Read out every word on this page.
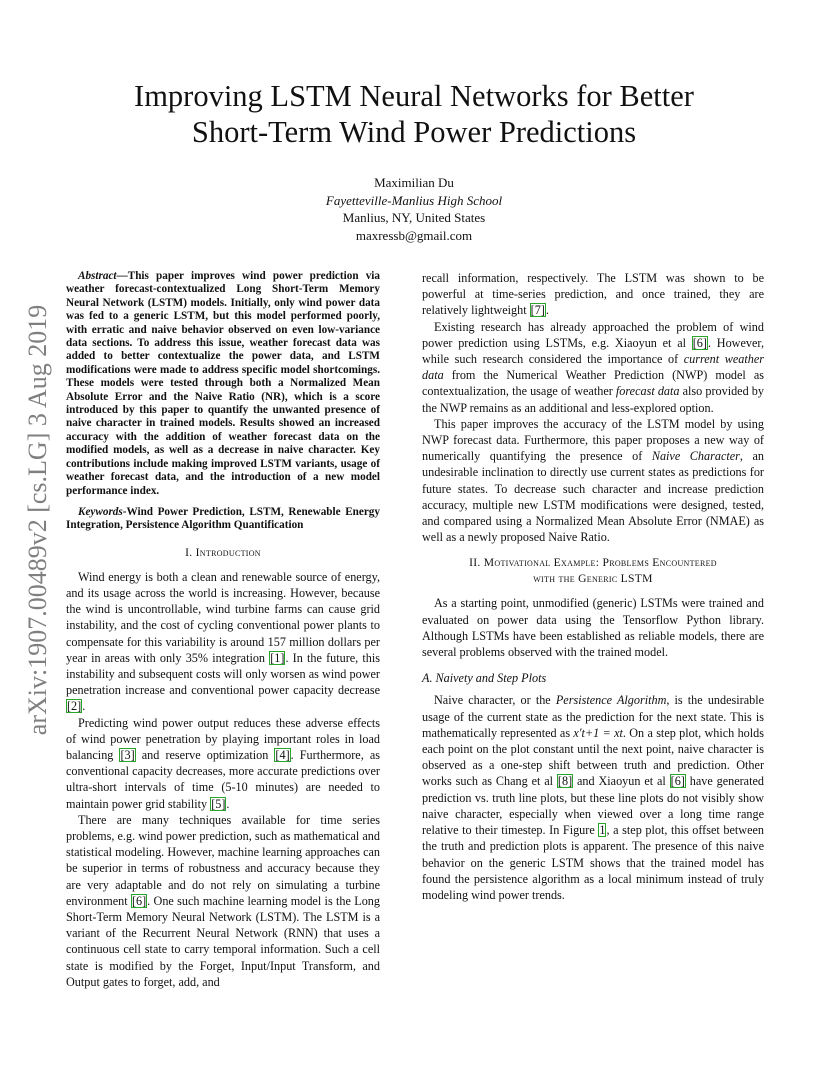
Improving LSTM Neural Networks for Better
Short-Term Wind Power Predictions
Maximilian Du
Fayetteville-Manlius High School
Manlius, NY, United States
maxressb@gmail.com
arXiv:1907.00489v2 [cs.LG] 3 Aug 2019

Abstract—This paper improves wind power prediction via weather forecast-contextualized Long Short-Term Memory Neural Network (LSTM) models. Initially, only wind power data was fed to a generic LSTM, but this model performed poorly, with erratic and naive behavior observed on even low-variance data sections. To address this issue, weather forecast data was added to better contextualize the power data, and LSTM modifications were made to address specific model shortcomings. These models were tested through both a Normalized Mean Absolute Error and the Naive Ratio (NR), which is a score introduced by this paper to quantify the unwanted presence of naive character in trained models. Results showed an increased accuracy with the addition of weather forecast data on the modified models, as well as a decrease in naive character. Key contributions include making improved LSTM variants, usage of weather forecast data, and the introduction of a new model performance index.

Keywords-Wind Power Prediction, LSTM, Renewable Energy Integration, Persistence Algorithm Quantification

I. Introduction

Wind energy is both a clean and renewable source of energy, and its usage across the world is increasing. However, because the wind is uncontrollable, wind turbine farms can cause grid instability, and the cost of cycling conventional power plants to compensate for this variability is around 157 million dollars per year in areas with only 35% integration [1]. In the future, this instability and subsequent costs will only worsen as wind power penetration increase and conventional power capacity decrease [2].

Predicting wind power output reduces these adverse effects of wind power penetration by playing important roles in load balancing [3] and reserve optimization [4]. Furthermore, as conventional capacity decreases, more accurate predictions over ultra-short intervals of time (5-10 minutes) are needed to maintain power grid stability [5].

There are many techniques available for time series problems, e.g. wind power prediction, such as mathematical and statistical modeling. However, machine learning approaches can be superior in terms of robustness and accuracy because they are very adaptable and do not rely on simulating a turbine environment [6]. One such machine learning model is the Long Short-Term Memory Neural Network (LSTM). The LSTM is a variant of the Recurrent Neural Network (RNN) that uses a continuous cell state to carry temporal information. Such a cell state is modified by the Forget, Input/Input Transform, and Output gates to forget, add, and

recall information, respectively. The LSTM was shown to be powerful at time-series prediction, and once trained, they are relatively lightweight [7].

Existing research has already approached the problem of wind power prediction using LSTMs, e.g. Xiaoyun et al [6]. However, while such research considered the importance of current weather data from the Numerical Weather Prediction (NWP) model as contextualization, the usage of weather forecast data also provided by the NWP remains as an additional and less-explored option.

This paper improves the accuracy of the LSTM model by using NWP forecast data. Furthermore, this paper proposes a new way of numerically quantifying the presence of Naive Character, an undesirable inclination to directly use current states as predictions for future states. To decrease such character and increase prediction accuracy, multiple new LSTM modifications were designed, tested, and compared using a Normalized Mean Absolute Error (NMAE) as well as a newly proposed Naive Ratio.

II. Motivational Example: Problems Encountered
with the Generic LSTM

As a starting point, unmodified (generic) LSTMs were trained and evaluated on power data using the Tensorflow Python library. Although LSTMs have been established as reliable models, there are several problems observed with the trained model.

A. Naivety and Step Plots

Naive character, or the Persistence Algorithm, is the undesirable usage of the current state as the prediction for the next state. This is mathematically represented as x′t+1 = xt. On a step plot, which holds each point on the plot constant until the next point, naive character is observed as a one-step shift between truth and prediction. Other works such as Chang et al [8] and Xiaoyun et al [6] have generated prediction vs. truth line plots, but these line plots do not visibly show naive character, especially when viewed over a long time range relative to their timestep. In Figure 1, a step plot, this offset between the truth and prediction plots is apparent. The presence of this naive behavior on the generic LSTM shows that the trained model has found the persistence algorithm as a local minimum instead of truly modeling wind power trends.
